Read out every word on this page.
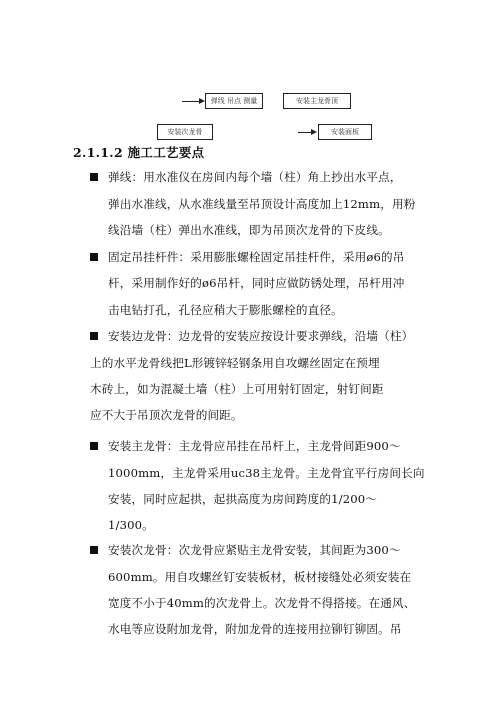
弹线 吊点 测量	安装主龙骨顶
安装次龙骨	安装面板
2.1.1.2 施工工艺要点
弹线：用水准仪在房间内每个墙（柱）角上抄出水平点，
弹出水准线，从水准线量至吊顶设计高度加上12mm，用粉
线沿墙（柱）弹出水准线，即为吊顶次龙骨的下皮线。
固定吊挂杆件：采用膨胀螺栓固定吊挂杆件，采用ø6的吊
杆，采用制作好的ø6吊杆，同时应做防锈处理，吊杆用冲
击电钻打孔，孔径应稍大于膨胀螺栓的直径。
安装边龙骨：边龙骨的安装应按设计要求弹线，沿墙（柱）
上的水平龙骨线把L形镀锌轻钢条用自攻螺丝固定在预埋
木砖上，如为混凝土墙（柱）上可用射钉固定，射钉间距
应不大于吊顶次龙骨的间距。
安装主龙骨：主龙骨应吊挂在吊杆上，主龙骨间距900～
1000mm，主龙骨采用uc38主龙骨。主龙骨宜平行房间长向
安装，同时应起拱，起拱高度为房间跨度的1/200～
1/300。
安装次龙骨：次龙骨应紧贴主龙骨安装，其间距为300～
600mm。用自攻螺丝钉安装板材，板材接缝处必须安装在
宽度不小于40mm的次龙骨上。次龙骨不得搭接。在通风、
水电等应设附加龙骨，附加龙骨的连接用拉铆钉铆固。吊
